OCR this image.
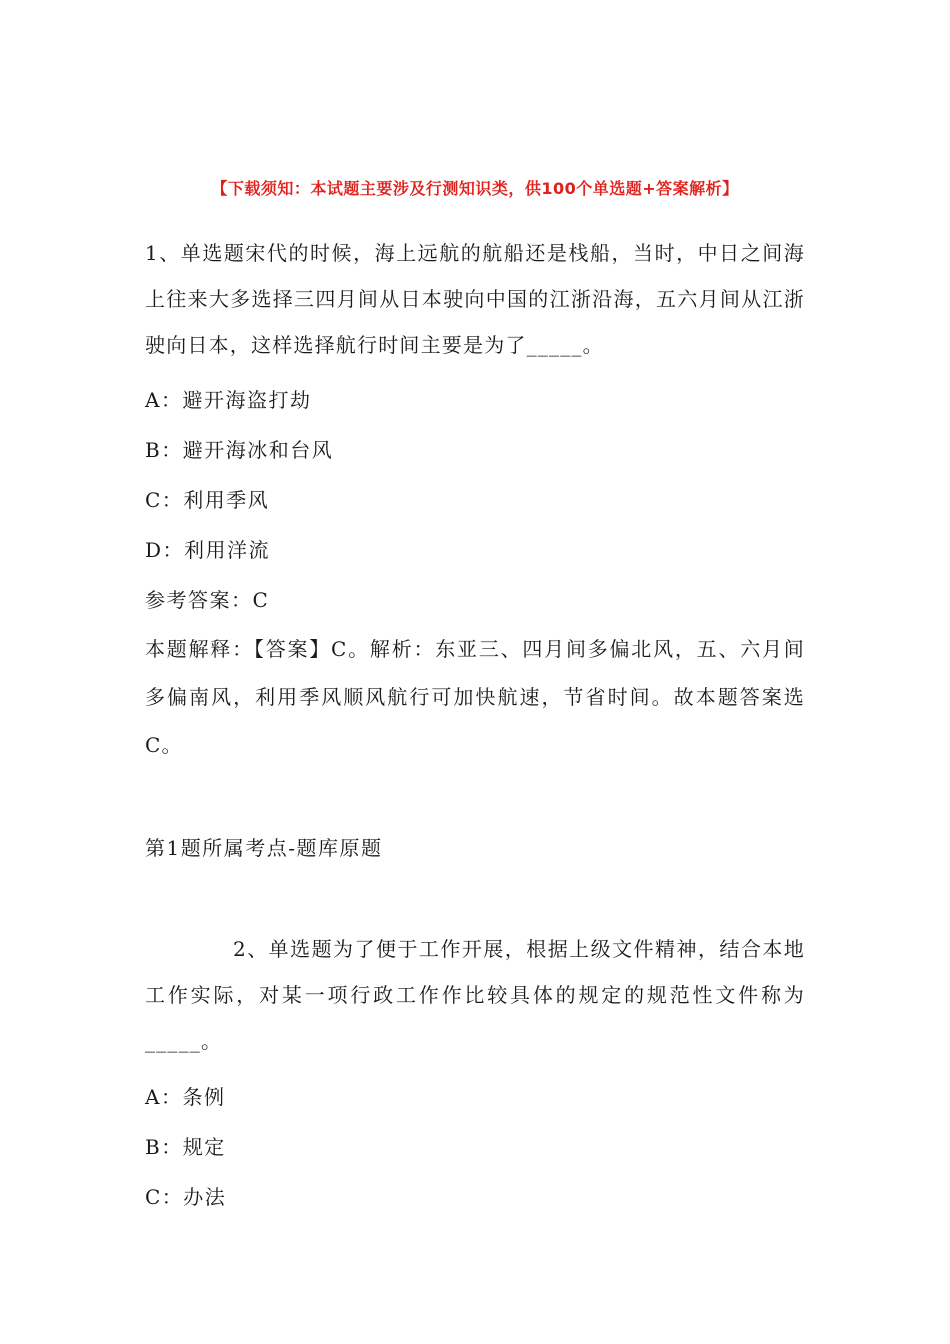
【下载须知：本试题主要涉及行测知识类，供100个单选题+答案解析】

1、单选题宋代的时候，海上远航的航船还是栈船，当时，中日之间海上往来大多选择三四月间从日本驶向中国的江浙沿海，五六月间从江浙驶向日本，这样选择航行时间主要是为了_____。

A：避开海盗打劫

B：避开海冰和台风

C：利用季风

D：利用洋流

参考答案：C

本题解释：【答案】C。解析：东亚三、四月间多偏北风，五、六月间多偏南风，利用季风顺风航行可加快航速，节省时间。故本题答案选C。

第1题所属考点-题库原题

2、单选题为了便于工作开展，根据上级文件精神，结合本地工作实际，对某一项行政工作作比较具体的规定的规范性文件称为_____。

A：条例

B：规定

C：办法
